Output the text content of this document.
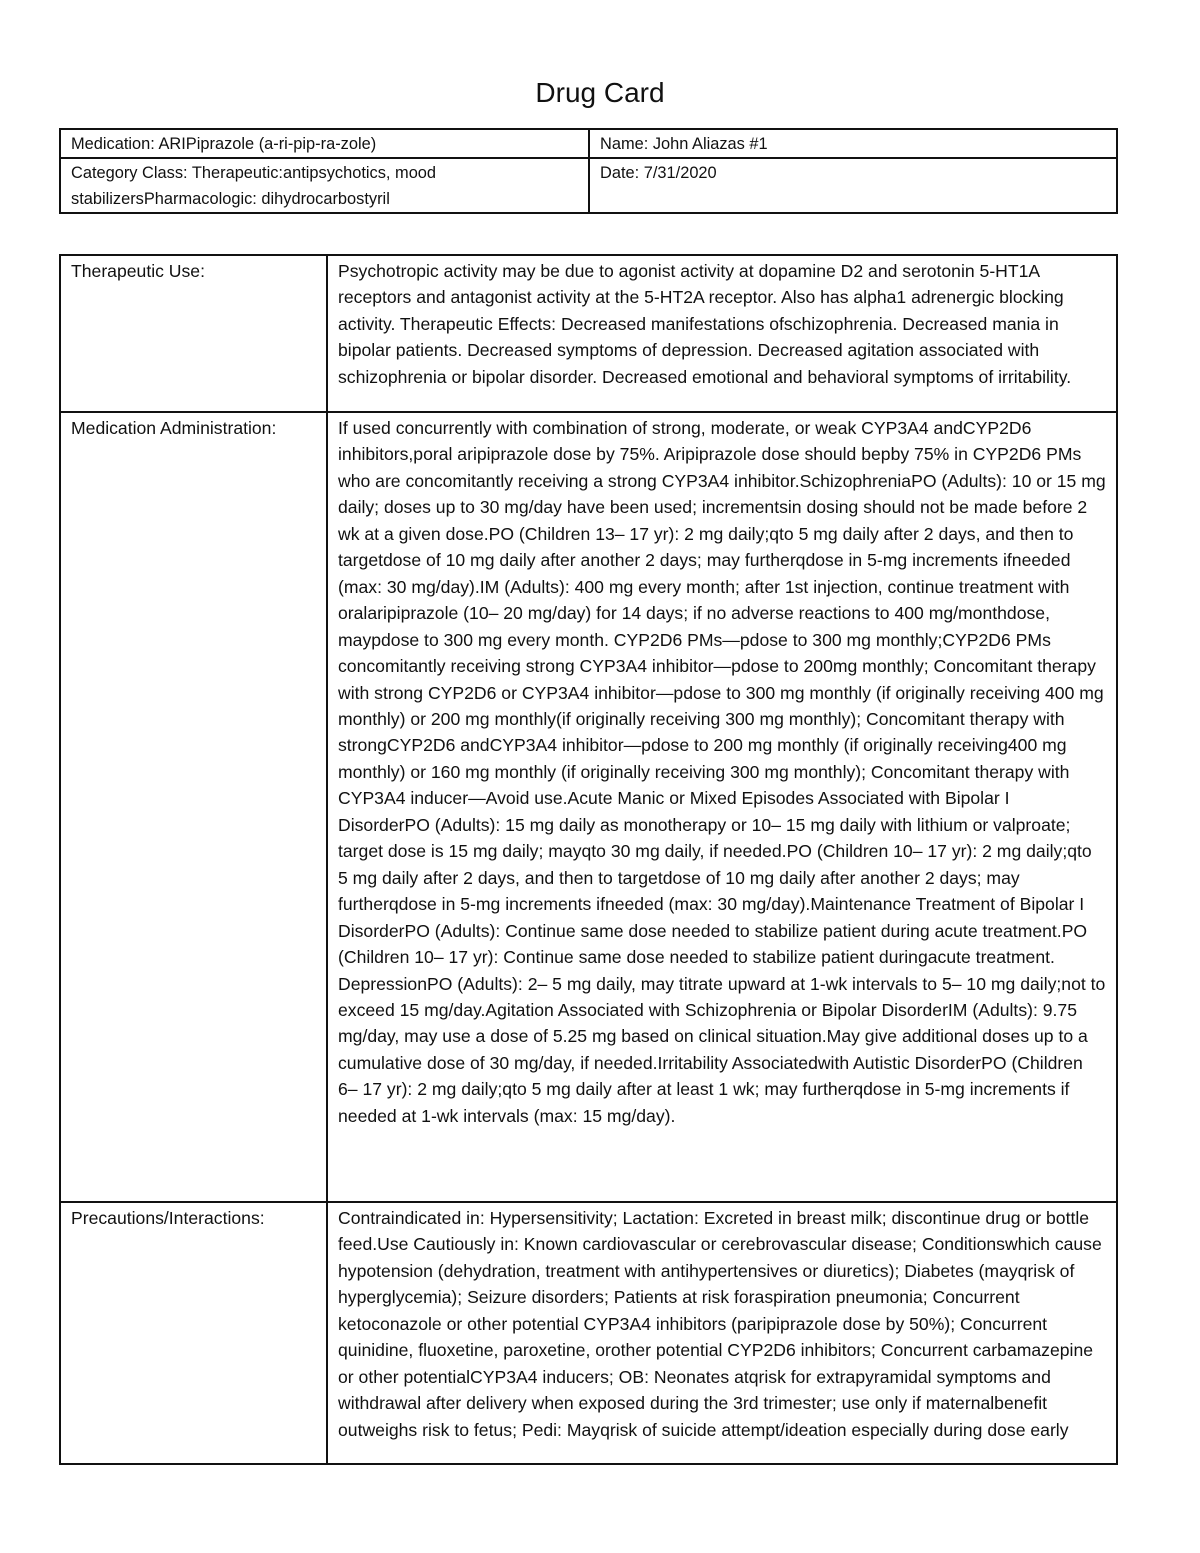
Drug Card
Medication: ARIPiprazole (a-ri-pip-ra-zole)	Name: John Aliazas #1
Category Class: Therapeutic:antipsychotics, mood stabilizersPharmacologic: dihydrocarbostyril	Date: 7/31/2020
Therapeutic Use:	Psychotropic activity may be due to agonist activity at dopamine D2 and serotonin 5-HT1A receptors and antagonist activity at the 5-HT2A receptor. Also has alpha1 adrenergic blocking activity. Therapeutic Effects: Decreased manifestations ofschizophrenia. Decreased mania in bipolar patients. Decreased symptoms of depression. Decreased agitation associated with schizophrenia or bipolar disorder. Decreased emotional and behavioral symptoms of irritability.
Medication Administration:	If used concurrently with combination of strong, moderate, or weak CYP3A4 andCYP2D6 inhibitors,poral aripiprazole dose by 75%. Aripiprazole dose should bepby 75% in CYP2D6 PMs who are concomitantly receiving a strong CYP3A4 inhibitor.SchizophreniaPO (Adults): 10 or 15 mg daily; doses up to 30 mg/day have been used; incrementsin dosing should not be made before 2 wk at a given dose.PO (Children 13– 17 yr): 2 mg daily;qto 5 mg daily after 2 days, and then to targetdose of 10 mg daily after another 2 days; may furtherqdose in 5-mg increments ifneeded (max: 30 mg/day).IM (Adults): 400 mg every month; after 1st injection, continue treatment with oralaripiprazole (10– 20 mg/day) for 14 days; if no adverse reactions to 400 mg/monthdose, maypdose to 300 mg every month. CYP2D6 PMs—pdose to 300 mg monthly;CYP2D6 PMs concomitantly receiving strong CYP3A4 inhibitor—pdose to 200mg monthly; Concomitant therapy with strong CYP2D6 or CYP3A4 inhibitor—pdose to 300 mg monthly (if originally receiving 400 mg monthly) or 200 mg monthly(if originally receiving 300 mg monthly); Concomitant therapy with strongCYP2D6 andCYP3A4 inhibitor—pdose to 200 mg monthly (if originally receiving400 mg monthly) or 160 mg monthly (if originally receiving 300 mg monthly); Concomitant therapy with CYP3A4 inducer—Avoid use.Acute Manic or Mixed Episodes Associated with Bipolar I DisorderPO (Adults): 15 mg daily as monotherapy or 10– 15 mg daily with lithium or valproate; target dose is 15 mg daily; mayqto 30 mg daily, if needed.PO (Children 10– 17 yr): 2 mg daily;qto 5 mg daily after 2 days, and then to targetdose of 10 mg daily after another 2 days; may furtherqdose in 5-mg increments ifneeded (max: 30 mg/day).Maintenance Treatment of Bipolar I DisorderPO (Adults): Continue same dose needed to stabilize patient during acute treatment.PO (Children 10– 17 yr): Continue same dose needed to stabilize patient duringacute treatment. DepressionPO (Adults): 2– 5 mg daily, may titrate upward at 1-wk intervals to 5– 10 mg daily;not to exceed 15 mg/day.Agitation Associated with Schizophrenia or Bipolar DisorderIM (Adults): 9.75 mg/day, may use a dose of 5.25 mg based on clinical situation.May give additional doses up to a cumulative dose of 30 mg/day, if needed.Irritability Associatedwith Autistic DisorderPO (Children 6– 17 yr): 2 mg daily;qto 5 mg daily after at least 1 wk; may furtherqdose in 5-mg increments if needed at 1-wk intervals (max: 15 mg/day).
Precautions/Interactions:	Contraindicated in: Hypersensitivity; Lactation: Excreted in breast milk; discontinue drug or bottle feed.Use Cautiously in: Known cardiovascular or cerebrovascular disease; Conditionswhich cause hypotension (dehydration, treatment with antihypertensives or diuretics); Diabetes (mayqrisk of hyperglycemia); Seizure disorders; Patients at risk foraspiration pneumonia; Concurrent ketoconazole or other potential CYP3A4 inhibitors (paripiprazole dose by 50%); Concurrent quinidine, fluoxetine, paroxetine, orother potential CYP2D6 inhibitors; Concurrent carbamazepine or other potentialCYP3A4 inducers; OB: Neonates atqrisk for extrapyramidal symptoms and withdrawal after delivery when exposed during the 3rd trimester; use only if maternalbenefit outweighs risk to fetus; Pedi: Mayqrisk of suicide attempt/ideation especially during dose early
